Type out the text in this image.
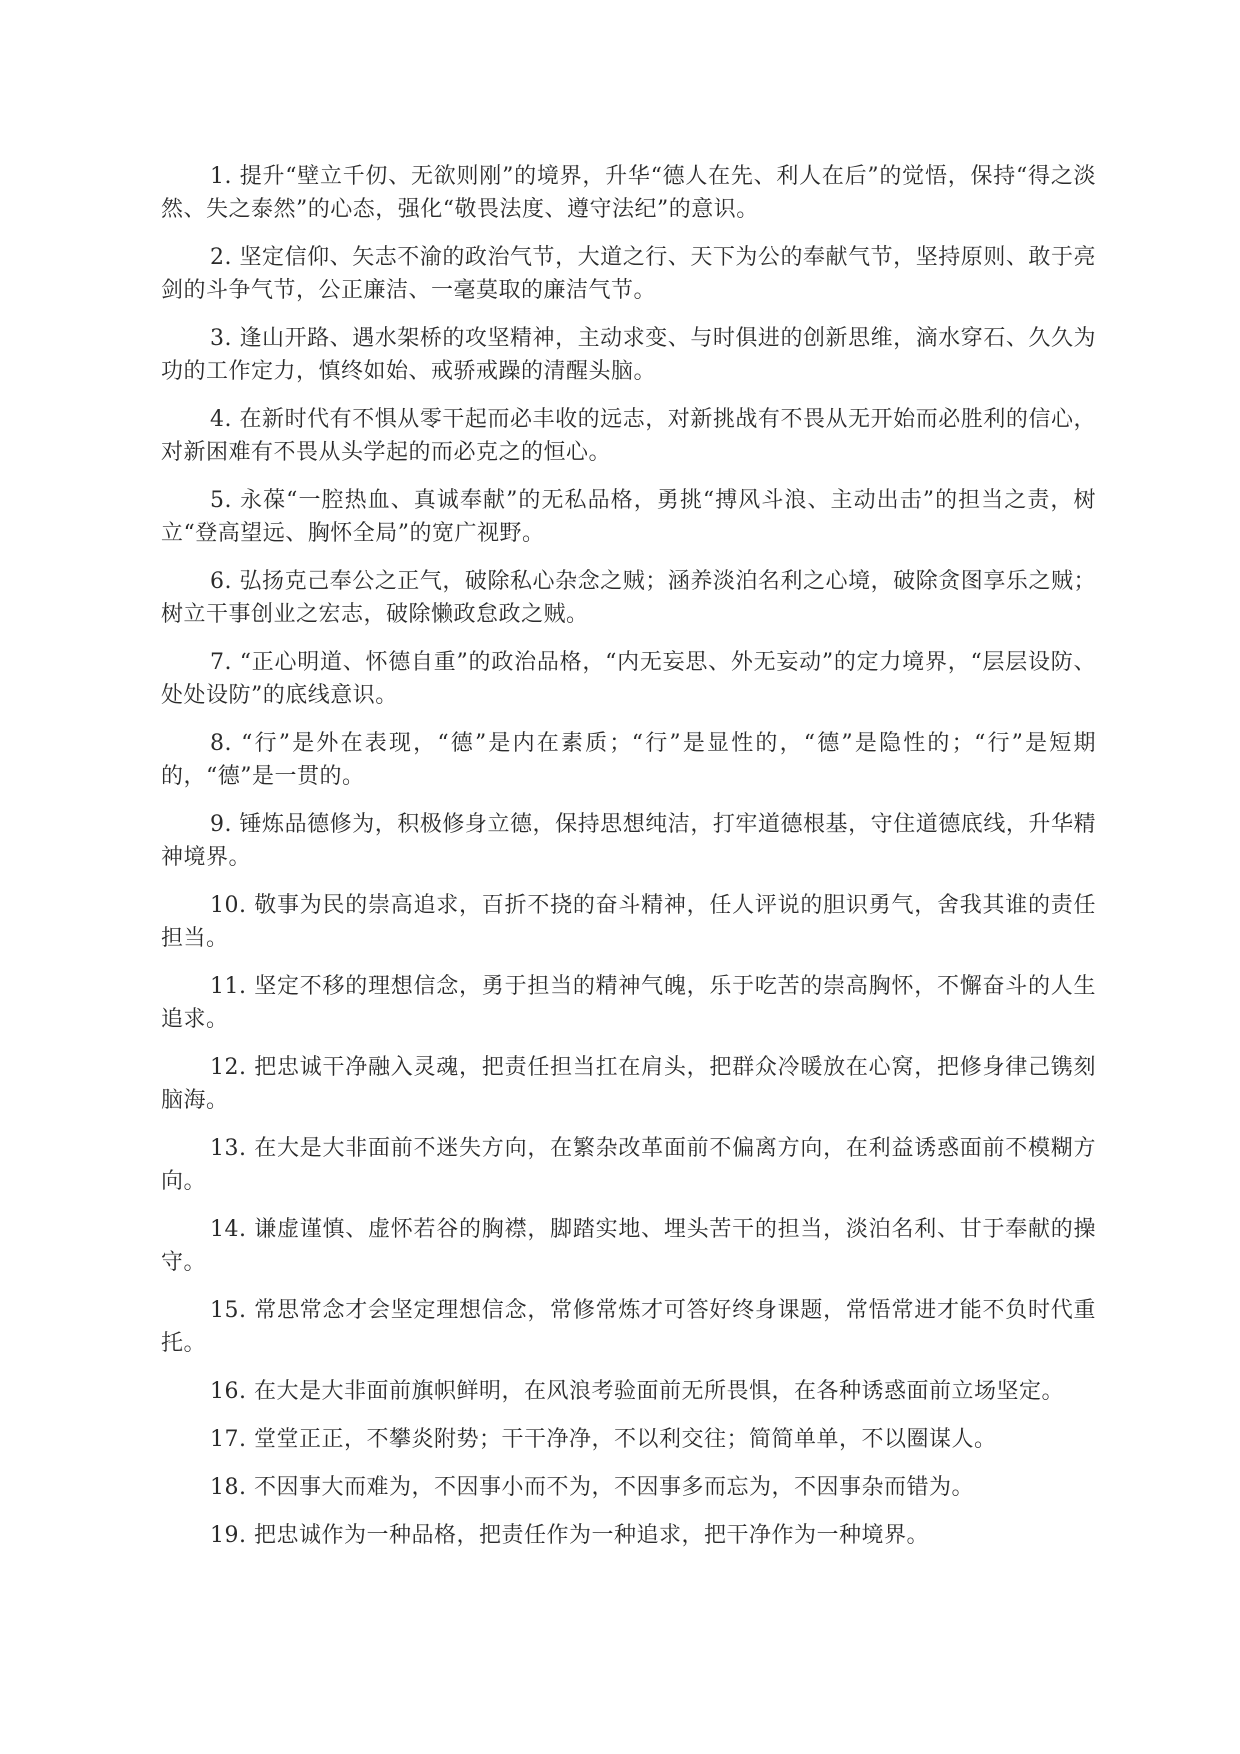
1. 提升“壁立千仞、无欲则刚”的境界，升华“德人在先、利人在后”的觉悟，保持“得之淡然、失之泰然”的心态，强化“敬畏法度、遵守法纪”的意识。

2. 坚定信仰、矢志不渝的政治气节，大道之行、天下为公的奉献气节，坚持原则、敢于亮剑的斗争气节，公正廉洁、一毫莫取的廉洁气节。

3. 逢山开路、遇水架桥的攻坚精神，主动求变、与时俱进的创新思维，滴水穿石、久久为功的工作定力，慎终如始、戒骄戒躁的清醒头脑。

4. 在新时代有不惧从零干起而必丰收的远志，对新挑战有不畏从无开始而必胜利的信心，对新困难有不畏从头学起的而必克之的恒心。

5. 永葆“一腔热血、真诚奉献”的无私品格，勇挑“搏风斗浪、主动出击”的担当之责，树立“登高望远、胸怀全局”的宽广视野。

6. 弘扬克己奉公之正气，破除私心杂念之贼；涵养淡泊名利之心境，破除贪图享乐之贼；树立干事创业之宏志，破除懒政怠政之贼。

7. “正心明道、怀德自重”的政治品格，“内无妄思、外无妄动”的定力境界，“层层设防、处处设防”的底线意识。

8. “行”是外在表现，“德”是内在素质；“行”是显性的，“德”是隐性的；“行”是短期的，“德”是一贯的。

9. 锤炼品德修为，积极修身立德，保持思想纯洁，打牢道德根基，守住道德底线，升华精神境界。

10. 敬事为民的崇高追求，百折不挠的奋斗精神，任人评说的胆识勇气，舍我其谁的责任担当。

11. 坚定不移的理想信念，勇于担当的精神气魄，乐于吃苦的崇高胸怀，不懈奋斗的人生追求。

12. 把忠诚干净融入灵魂，把责任担当扛在肩头，把群众冷暖放在心窝，把修身律己镌刻脑海。

13. 在大是大非面前不迷失方向，在繁杂改革面前不偏离方向，在利益诱惑面前不模糊方向。

14. 谦虚谨慎、虚怀若谷的胸襟，脚踏实地、埋头苦干的担当，淡泊名利、甘于奉献的操守。

15. 常思常念才会坚定理想信念，常修常炼才可答好终身课题，常悟常进才能不负时代重托。

16. 在大是大非面前旗帜鲜明，在风浪考验面前无所畏惧，在各种诱惑面前立场坚定。

17. 堂堂正正，不攀炎附势；干干净净，不以利交往；简简单单，不以圈谋人。

18. 不因事大而难为，不因事小而不为，不因事多而忘为，不因事杂而错为。

19. 把忠诚作为一种品格，把责任作为一种追求，把干净作为一种境界。
